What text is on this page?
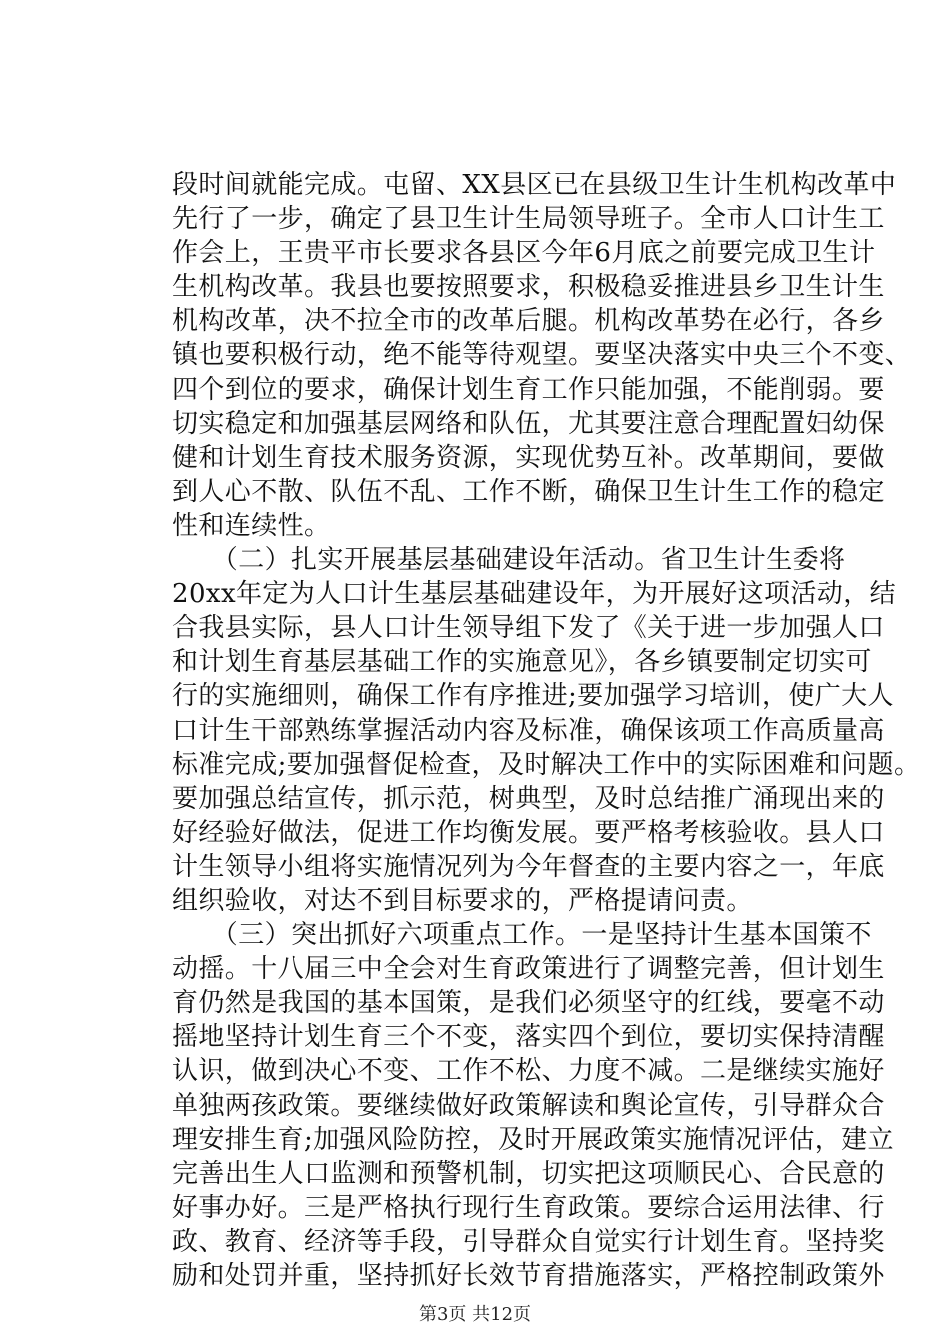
段时间就能完成。屯留、XX县区已在县级卫生计生机构改革中
先行了一步，确定了县卫生计生局领导班子。全市人口计生工
作会上，王贵平市长要求各县区今年6月底之前要完成卫生计
生机构改革。我县也要按照要求，积极稳妥推进县乡卫生计生
机构改革，决不拉全市的改革后腿。机构改革势在必行，各乡
镇也要积极行动，绝不能等待观望。要坚决落实中央三个不变、
四个到位的要求，确保计划生育工作只能加强，不能削弱。要
切实稳定和加强基层网络和队伍，尤其要注意合理配置妇幼保
健和计划生育技术服务资源，实现优势互补。改革期间，要做
到人心不散、队伍不乱、工作不断，确保卫生计生工作的稳定
性和连续性。
　　（二）扎实开展基层基础建设年活动。省卫生计生委将
20xx年定为人口计生基层基础建设年，为开展好这项活动，结
合我县实际，县人口计生领导组下发了《关于进一步加强人口
和计划生育基层基础工作的实施意见》，各乡镇要制定切实可
行的实施细则，确保工作有序推进;要加强学习培训，使广大人
口计生干部熟练掌握活动内容及标准，确保该项工作高质量高
标准完成;要加强督促检查，及时解决工作中的实际困难和问题。
要加强总结宣传，抓示范，树典型，及时总结推广涌现出来的
好经验好做法，促进工作均衡发展。要严格考核验收。县人口
计生领导小组将实施情况列为今年督查的主要内容之一，年底
组织验收，对达不到目标要求的，严格提请问责。
　　（三）突出抓好六项重点工作。一是坚持计生基本国策不
动摇。十八届三中全会对生育政策进行了调整完善，但计划生
育仍然是我国的基本国策，是我们必须坚守的红线，要毫不动
摇地坚持计划生育三个不变，落实四个到位，要切实保持清醒
认识，做到决心不变、工作不松、力度不减。二是继续实施好
单独两孩政策。要继续做好政策解读和舆论宣传，引导群众合
理安排生育;加强风险防控，及时开展政策实施情况评估，建立
完善出生人口监测和预警机制，切实把这项顺民心、合民意的
好事办好。三是严格执行现行生育政策。要综合运用法律、行
政、教育、经济等手段，引导群众自觉实行计划生育。坚持奖
励和处罚并重，坚持抓好长效节育措施落实，严格控制政策外
第3页 共12页
